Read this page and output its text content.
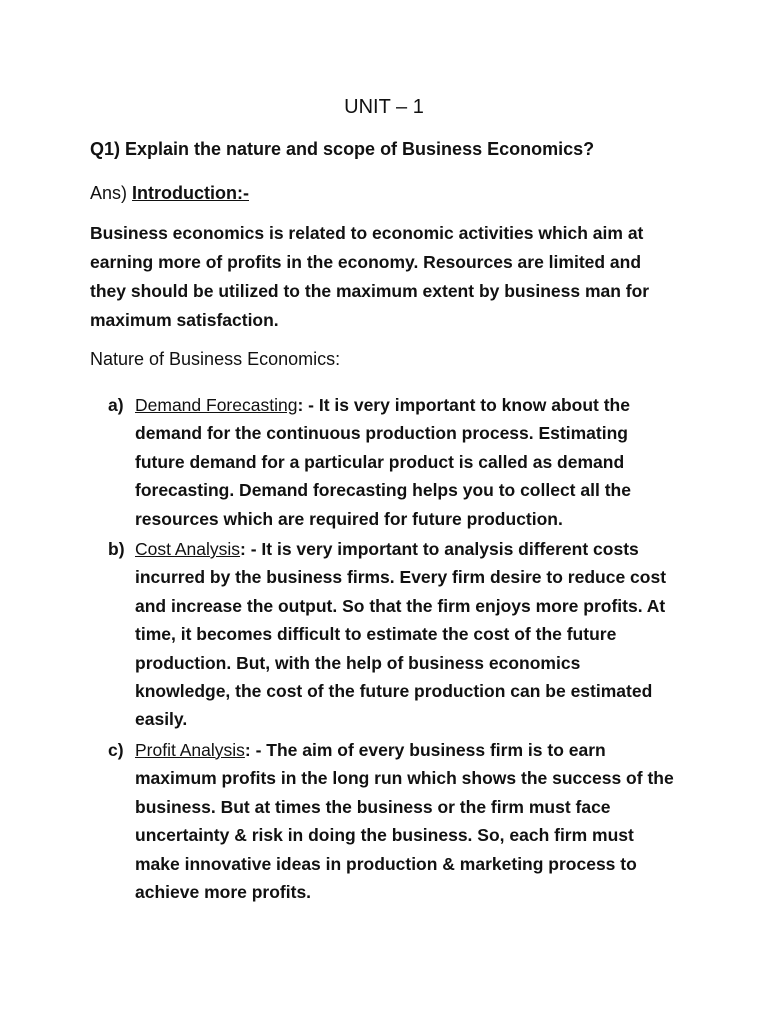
UNIT – 1
Q1) Explain the nature and scope of Business Economics?
Ans) Introduction:-
Business economics is related to economic activities which aim at
earning more of profits in the economy. Resources are limited and
they should be utilized to the maximum extent by business man for
maximum satisfaction.
Nature of Business Economics:
a) Demand Forecasting: - It is very important to know about the
demand for the continuous production process. Estimating
future demand for a particular product is called as demand
forecasting. Demand forecasting helps you to collect all the
resources which are required for future production.
b) Cost Analysis: - It is very important to analysis different costs
incurred by the business firms. Every firm desire to reduce cost
and increase the output. So that the firm enjoys more profits. At
time, it becomes difficult to estimate the cost of the future
production. But, with the help of business economics
knowledge, the cost of the future production can be estimated
easily.
c) Profit Analysis: - The aim of every business firm is to earn
maximum profits in the long run which shows the success of the
business. But at times the business or the firm must face
uncertainty & risk in doing the business. So, each firm must
make innovative ideas in production & marketing process to
achieve more profits.
